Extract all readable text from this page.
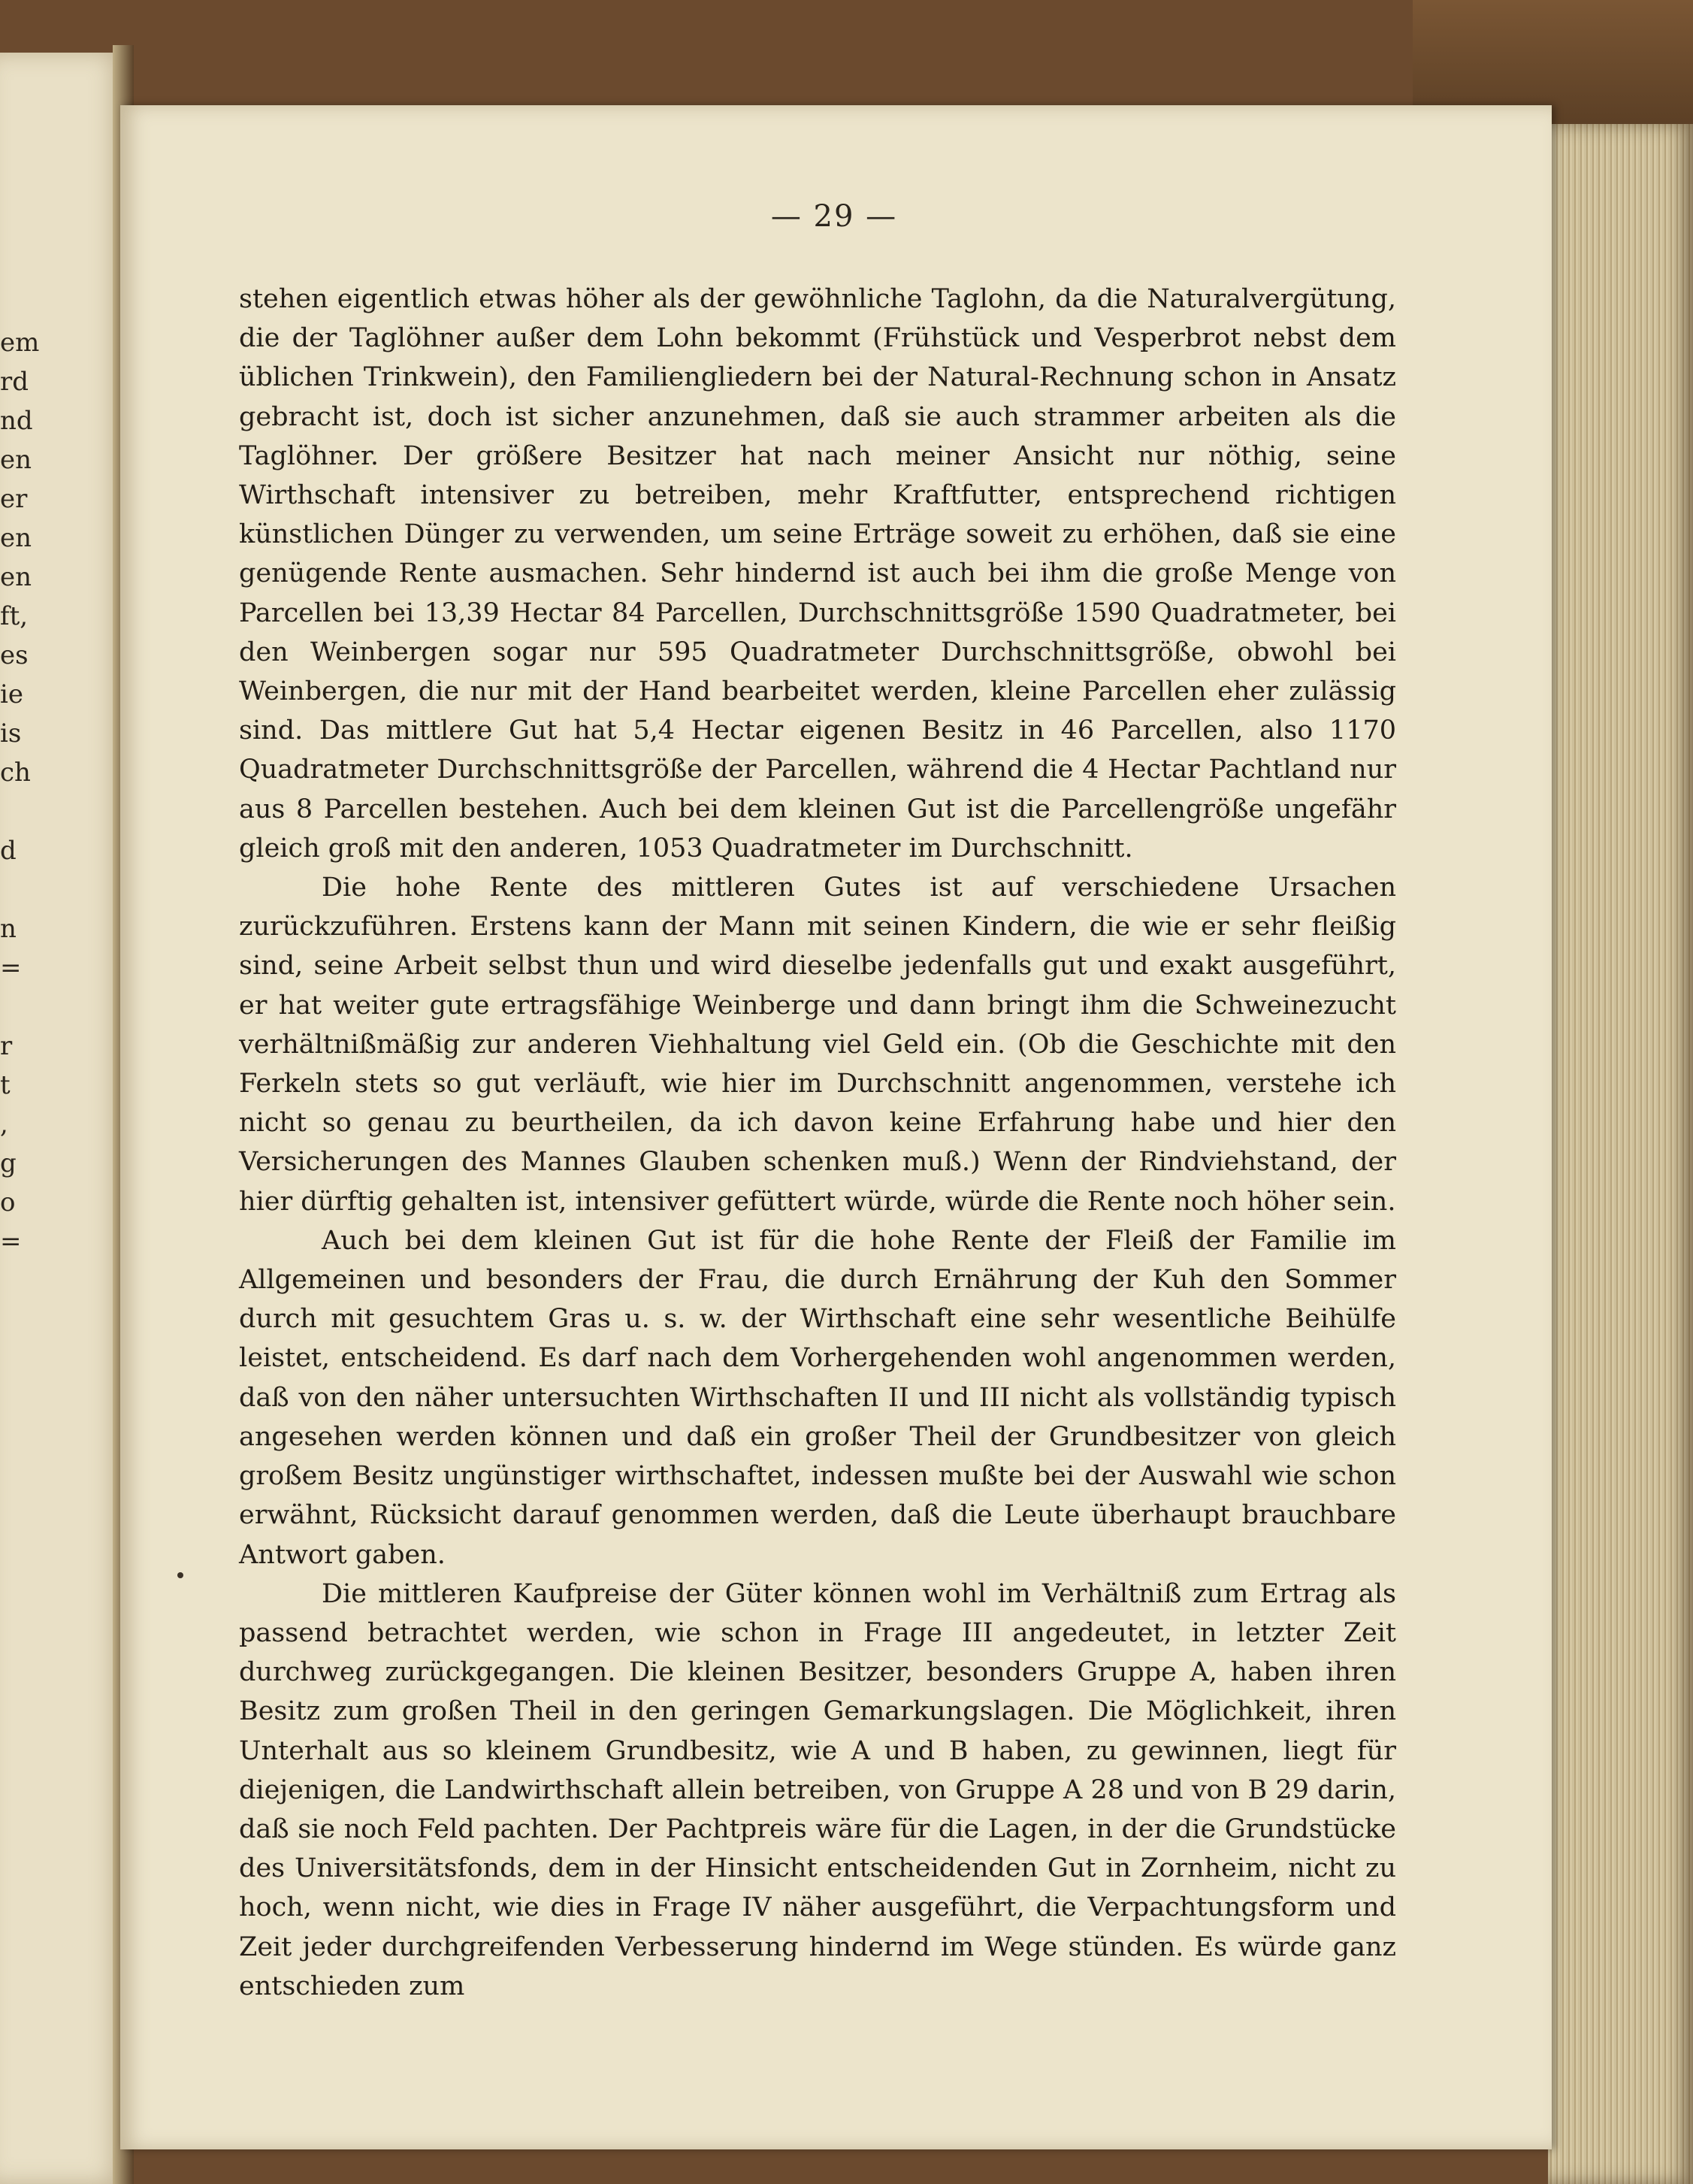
em
rd
nd
en
er
en
en
ft,
es
ie
is
ch
d
n
=
r
t
,
g
o
=
— 29 —

stehen eigentlich etwas höher als der gewöhnliche Taglohn, da die Naturalvergütung, die der Taglöhner außer dem Lohn bekommt (Frühstück und Vesperbrot nebst dem üblichen Trinkwein), den Familiengliedern bei der Natural-Rechnung schon in Ansatz gebracht ist, doch ist sicher anzunehmen, daß sie auch strammer arbeiten als die Taglöhner. Der größere Besitzer hat nach meiner Ansicht nur nöthig, seine Wirthschaft intensiver zu betreiben, mehr Kraftfutter, entsprechend richtigen künstlichen Dünger zu verwenden, um seine Erträge soweit zu erhöhen, daß sie eine genügende Rente ausmachen. Sehr hindernd ist auch bei ihm die große Menge von Parcellen bei 13,39 Hectar 84 Parcellen, Durchschnittsgröße 1590 Quadratmeter, bei den Weinbergen sogar nur 595 Quadratmeter Durchschnittsgröße, obwohl bei Weinbergen, die nur mit der Hand bearbeitet werden, kleine Parcellen eher zulässig sind. Das mittlere Gut hat 5,4 Hectar eigenen Besitz in 46 Parcellen, also 1170 Quadratmeter Durchschnittsgröße der Parcellen, während die 4 Hectar Pachtland nur aus 8 Parcellen bestehen. Auch bei dem kleinen Gut ist die Parcellengröße ungefähr gleich groß mit den anderen, 1053 Quadratmeter im Durchschnitt.

Die hohe Rente des mittleren Gutes ist auf verschiedene Ursachen zurückzuführen. Erstens kann der Mann mit seinen Kindern, die wie er sehr fleißig sind, seine Arbeit selbst thun und wird dieselbe jedenfalls gut und exakt ausgeführt, er hat weiter gute ertragsfähige Weinberge und dann bringt ihm die Schweinezucht verhältnißmäßig zur anderen Viehhaltung viel Geld ein. (Ob die Geschichte mit den Ferkeln stets so gut verläuft, wie hier im Durchschnitt angenommen, verstehe ich nicht so genau zu beurtheilen, da ich davon keine Erfahrung habe und hier den Versicherungen des Mannes Glauben schenken muß.) Wenn der Rindviehstand, der hier dürftig gehalten ist, intensiver gefüttert würde, würde die Rente noch höher sein.

Auch bei dem kleinen Gut ist für die hohe Rente der Fleiß der Familie im Allgemeinen und besonders der Frau, die durch Ernährung der Kuh den Sommer durch mit gesuchtem Gras u. s. w. der Wirthschaft eine sehr wesentliche Beihülfe leistet, entscheidend. Es darf nach dem Vorhergehenden wohl angenommen werden, daß von den näher untersuchten Wirthschaften II und III nicht als vollständig typisch angesehen werden können und daß ein großer Theil der Grundbesitzer von gleich großem Besitz ungünstiger wirthschaftet, indessen mußte bei der Auswahl wie schon erwähnt, Rücksicht darauf genommen werden, daß die Leute überhaupt brauchbare Antwort gaben.

Die mittleren Kaufpreise der Güter können wohl im Verhältniß zum Ertrag als passend betrachtet werden, wie schon in Frage III angedeutet, in letzter Zeit durchweg zurückgegangen. Die kleinen Besitzer, besonders Gruppe A, haben ihren Besitz zum großen Theil in den geringen Gemarkungslagen. Die Möglichkeit, ihren Unterhalt aus so kleinem Grundbesitz, wie A und B haben, zu gewinnen, liegt für diejenigen, die Landwirthschaft allein betreiben, von Gruppe A 28 und von B 29 darin, daß sie noch Feld pachten. Der Pachtpreis wäre für die Lagen, in der die Grundstücke des Universitätsfonds, dem in der Hinsicht entscheidenden Gut in Zornheim, nicht zu hoch, wenn nicht, wie dies in Frage IV näher ausgeführt, die Verpachtungsform und Zeit jeder durchgreifenden Verbesserung hindernd im Wege stünden. Es würde ganz entschieden zum
